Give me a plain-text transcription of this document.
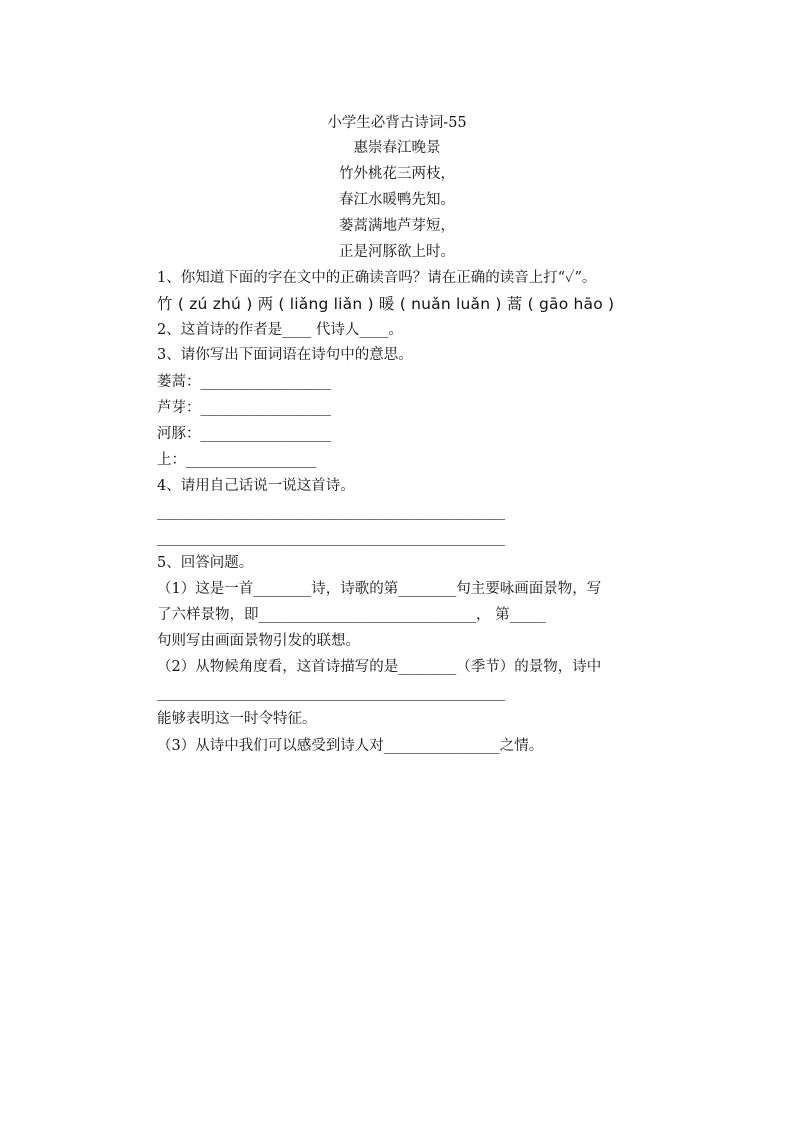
小学生必背古诗词-55
惠崇春江晚景
竹外桃花三两枝，
春江水暖鸭先知。
蒌蒿满地芦芽短，
正是河豚欲上时。
1、你知道下面的字在文中的正确读音吗？请在正确的读音上打“✓”。
竹 ( zú zhú ) 两 ( liǎng liǎn ) 暖 ( nuǎn luǎn ) 蒿 ( gāo hāo )
2、这首诗的作者是____ 代诗人____。
3、请你写出下面词语在诗句中的意思。
蒌蒿：__________________
芦芽：__________________
河豚：__________________
上：__________________
4、请用自己话说一说这首诗。
________________________________________________
________________________________________________
5、回答问题。
（1）这是一首________诗，诗歌的第________句主要咏画面景物，写
了六样景物，即______________________________， 第_____
句则写由画面景物引发的联想。
（2）从物候角度看，这首诗描写的是________（季节）的景物，诗中
________________________________________________
能够表明这一时令特征。
（3）从诗中我们可以感受到诗人对________________之情。
